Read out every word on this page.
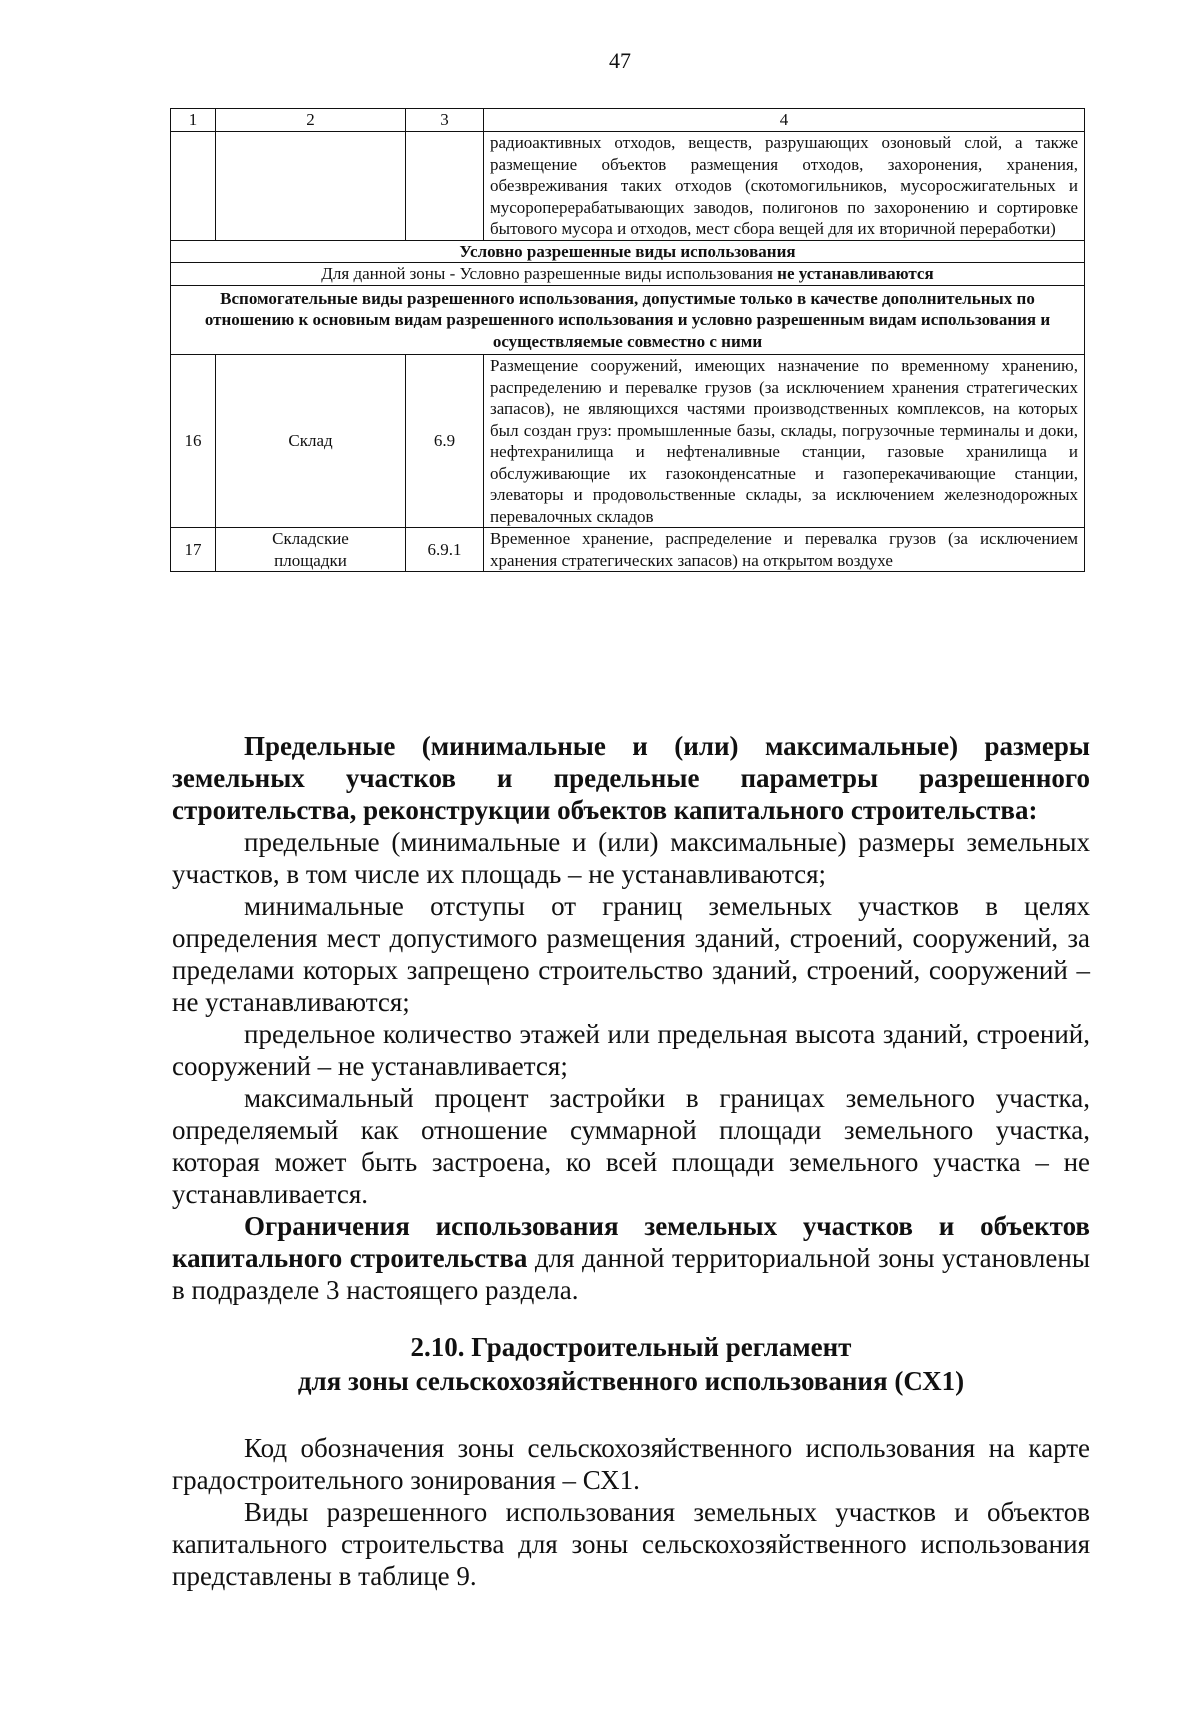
47
1	2	3	4
			радиоактивных отходов, веществ, разрушающих озоновый слой, а также размещение объектов размещения отходов, захоронения, хранения, обезвреживания таких отходов (скотомогильников, мусоросжигательных и мусороперерабатывающих заводов, полигонов по захоронению и сортировке бытового мусора и отходов, мест сбора вещей для их вторичной переработки)
Условно разрешенные виды использования			
Для данной зоны - Условно разрешенные виды использования не устанавливаются			
Вспомогательные виды разрешенного использования, допустимые только в качестве дополнительных по отношению к основным видам разрешенного использования и условно разрешенным видам использования и осуществляемые совместно с ними			
16	Склад	6.9	Размещение сооружений, имеющих назначение по временному хранению, распределению и перевалке грузов (за исключением хранения стратегических запасов), не являющихся частями производственных комплексов, на которых был создан груз: промышленные базы, склады, погрузочные терминалы и доки, нефтехранилища и нефтеналивные станции, газовые хранилища и обслуживающие их газоконденсатные и газоперекачивающие станции, элеваторы и продовольственные склады, за исключением железнодорожных перевалочных складов
17	Складские площадки	6.9.1	Временное хранение, распределение и перевалка грузов (за исключением хранения стратегических запасов) на открытом воздухе

Предельные (минимальные и (или) максимальные) размеры земельных участков и предельные параметры разрешенного строительства, реконструкции объектов капитального строительства:

предельные (минимальные и (или) максимальные) размеры земельных участков, в том числе их площадь – не устанавливаются;

минимальные отступы от границ земельных участков в целях определения мест допустимого размещения зданий, строений, сооружений, за пределами которых запрещено строительство зданий, строений, сооружений – не устанавливаются;

предельное количество этажей или предельная высота зданий, строений, сооружений – не устанавливается;

максимальный процент застройки в границах земельного участка, определяемый как отношение суммарной площади земельного участка, которая может быть застроена, ко всей площади земельного участка – не устанавливается.

Ограничения использования земельных участков и объектов капитального строительства для данной территориальной зоны установлены в подразделе 3 настоящего раздела.

2.10. Градостроительный регламент
для зоны сельскохозяйственного использования (СХ1)

Код обозначения зоны сельскохозяйственного использования на карте градостроительного зонирования – СХ1.

Виды разрешенного использования земельных участков и объектов капитального строительства для зоны сельскохозяйственного использования представлены в таблице 9.
